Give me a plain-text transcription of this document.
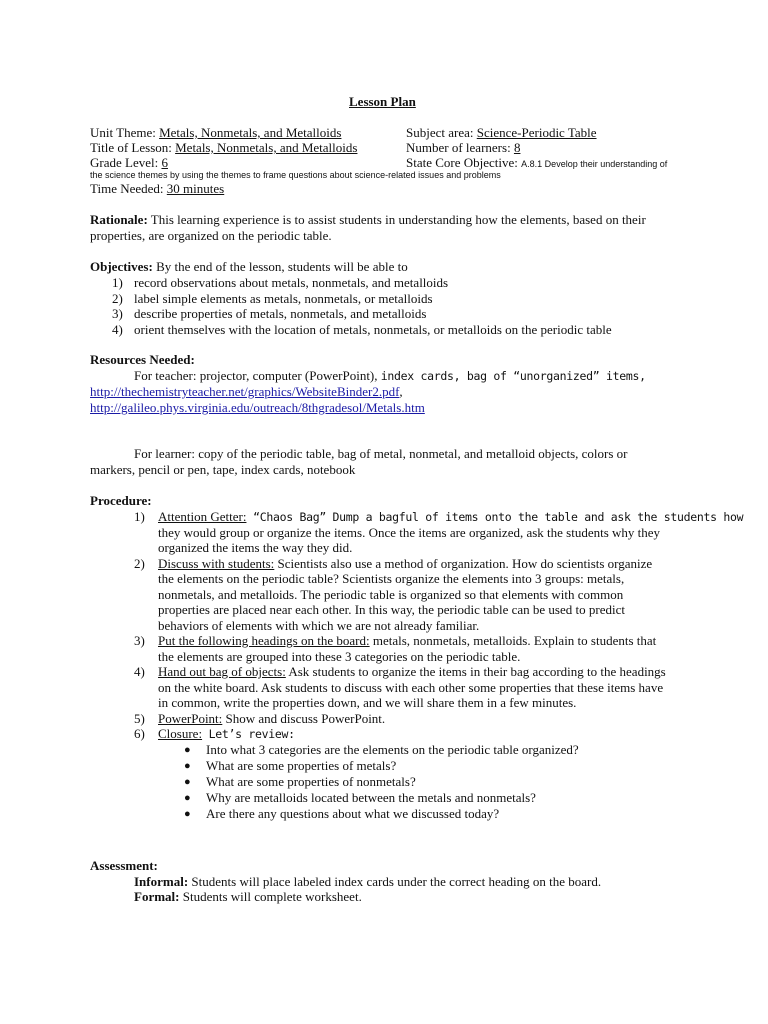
Lesson Plan
Unit Theme: Metals, Nonmetals, and Metalloids
Title of Lesson: Metals, Nonmetals, and Metalloids
Grade Level: 6
Subject area: Science-Periodic Table
Number of learners: 8
State Core Objective: A.8.1 Develop their understanding of
the science themes by using the themes to frame questions about science-related issues and problems
Time Needed: 30 minutes
Rationale: This learning experience is to assist students in understanding how the elements, based on their
properties, are organized on the periodic table.
Objectives: By the end of the lesson, students will be able to
1) record observations about metals, nonmetals, and metalloids
2) label simple elements as metals, nonmetals, or metalloids
3) describe properties of metals, nonmetals, and metalloids
4) orient themselves with the location of metals, nonmetals, or metalloids on the periodic table
Resources Needed:
For teacher: projector, computer (PowerPoint), index cards, bag of “unorganized” items,
http://thechemistryteacher.net/graphics/WebsiteBinder2.pdf,
http://galileo.phys.virginia.edu/outreach/8thgradesol/Metals.htm
For learner: copy of the periodic table, bag of metal, nonmetal, and metalloid objects, colors or
markers, pencil or pen, tape, index cards, notebook
Procedure:
1) Attention Getter: “Chaos Bag” Dump a bagful of items onto the table and ask the students how
they would group or organize the items. Once the items are organized, ask the students why they
organized the items the way they did.
2) Discuss with students: Scientists also use a method of organization. How do scientists organize
the elements on the periodic table? Scientists organize the elements into 3 groups: metals,
nonmetals, and metalloids. The periodic table is organized so that elements with common
properties are placed near each other. In this way, the periodic table can be used to predict
behaviors of elements with which we are not already familiar.
3) Put the following headings on the board: metals, nonmetals, metalloids. Explain to students that
the elements are grouped into these 3 categories on the periodic table.
4) Hand out bag of objects: Ask students to organize the items in their bag according to the headings
on the white board. Ask students to discuss with each other some properties that these items have
in common, write the properties down, and we will share them in a few minutes.
5) PowerPoint: Show and discuss PowerPoint.
6) Closure: Let’s review:
● Into what 3 categories are the elements on the periodic table organized?
● What are some properties of metals?
● What are some properties of nonmetals?
● Why are metalloids located between the metals and nonmetals?
● Are there any questions about what we discussed today?
Assessment:
Informal: Students will place labeled index cards under the correct heading on the board.
Formal: Students will complete worksheet.
